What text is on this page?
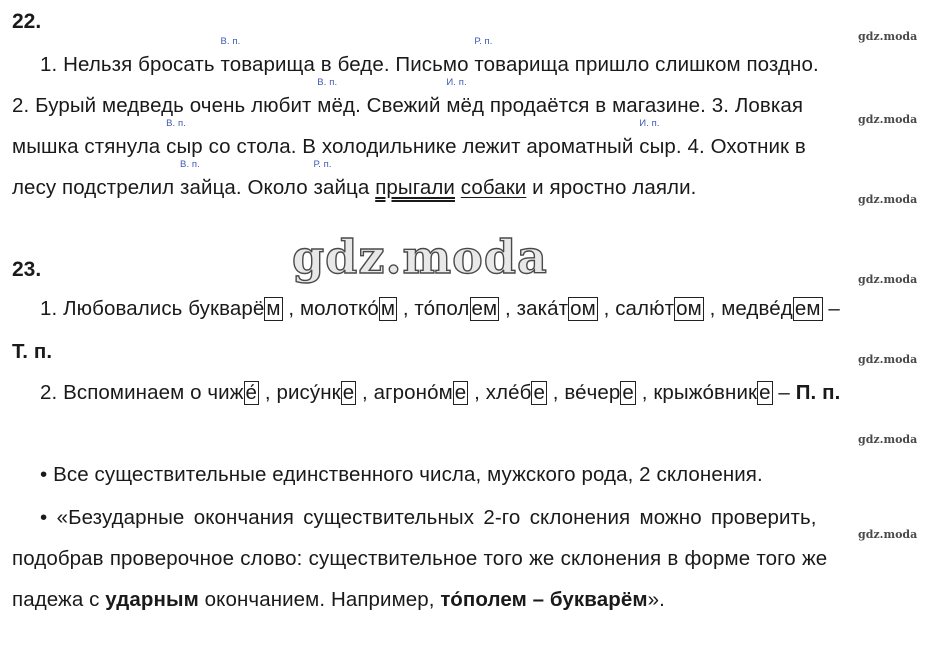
gdz.moda
gdz.moda
gdz.moda
gdz.moda
gdz.moda
gdz.moda
gdz.moda
gdz.moda
22.
1. Нельзя бросать
В. п.
товарища в беде. Письмо
Р. п.
товарища пришло слишком поздно.
2. Бурый медведь очень любит
В. п.
мёд. Свежий
И. п.
мёд продаётся в магазине. 3. Ловкая
мышка стянула
В. п.
сыр со стола. В холодильнике лежит ароматный
И. п.
сыр. 4. Охотник в
лесу подстрелил
В. п.
зайца. Около
Р. п.
зайца прыгали собаки и яростно лаяли.
23.
1. Любовались букварём , молотко́м , то́полем , зака́том , салю́том , медве́дем –
Т. п.
2. Вспоминаем о чиже́ , рису́нке , агроно́ме , хле́бе , ве́чере , крыжо́внике – П. п.
• Все существительные единственного числа, мужского рода, 2 склонения.
• «Безударные окончания существительных 2-го склонения можно проверить,
подобрав проверочное слово: существительное того же склонения в форме того же
падежа с ударным окончанием. Например, то́полем – букварём».
